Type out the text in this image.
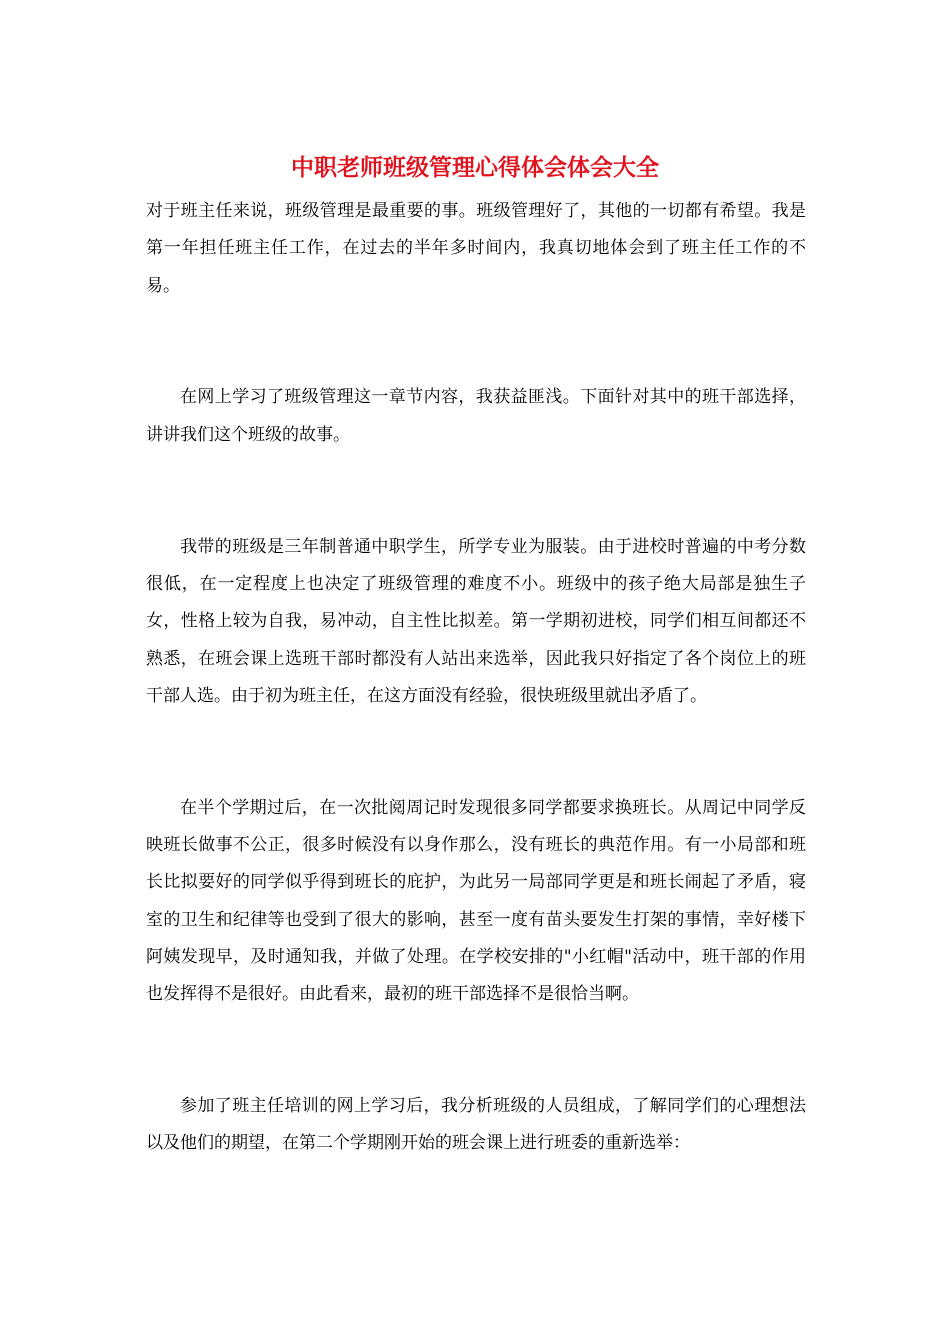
中职老师班级管理心得体会体会大全

对于班主任来说，班级管理是最重要的事。班级管理好了，其他的一切都有希望。我是第一年担任班主任工作，在过去的半年多时间内，我真切地体会到了班主任工作的不易。

在网上学习了班级管理这一章节内容，我获益匪浅。下面针对其中的班干部选择，讲讲我们这个班级的故事。

我带的班级是三年制普通中职学生，所学专业为服装。由于进校时普遍的中考分数很低，在一定程度上也决定了班级管理的难度不小。班级中的孩子绝大局部是独生子女，性格上较为自我，易冲动，自主性比拟差。第一学期初进校，同学们相互间都还不熟悉，在班会课上选班干部时都没有人站出来选举，因此我只好指定了各个岗位上的班干部人选。由于初为班主任，在这方面没有经验，很快班级里就出矛盾了。

在半个学期过后，在一次批阅周记时发现很多同学都要求换班长。从周记中同学反映班长做事不公正，很多时候没有以身作那么，没有班长的典范作用。有一小局部和班长比拟要好的同学似乎得到班长的庇护，为此另一局部同学更是和班长闹起了矛盾，寝室的卫生和纪律等也受到了很大的影响，甚至一度有苗头要发生打架的事情，幸好楼下阿姨发现早，及时通知我，并做了处理。在学校安排的"小红帽"活动中，班干部的作用也发挥得不是很好。由此看来，最初的班干部选择不是很恰当啊。

参加了班主任培训的网上学习后，我分析班级的人员组成，了解同学们的心理想法以及他们的期望，在第二个学期刚开始的班会课上进行班委的重新选举：
